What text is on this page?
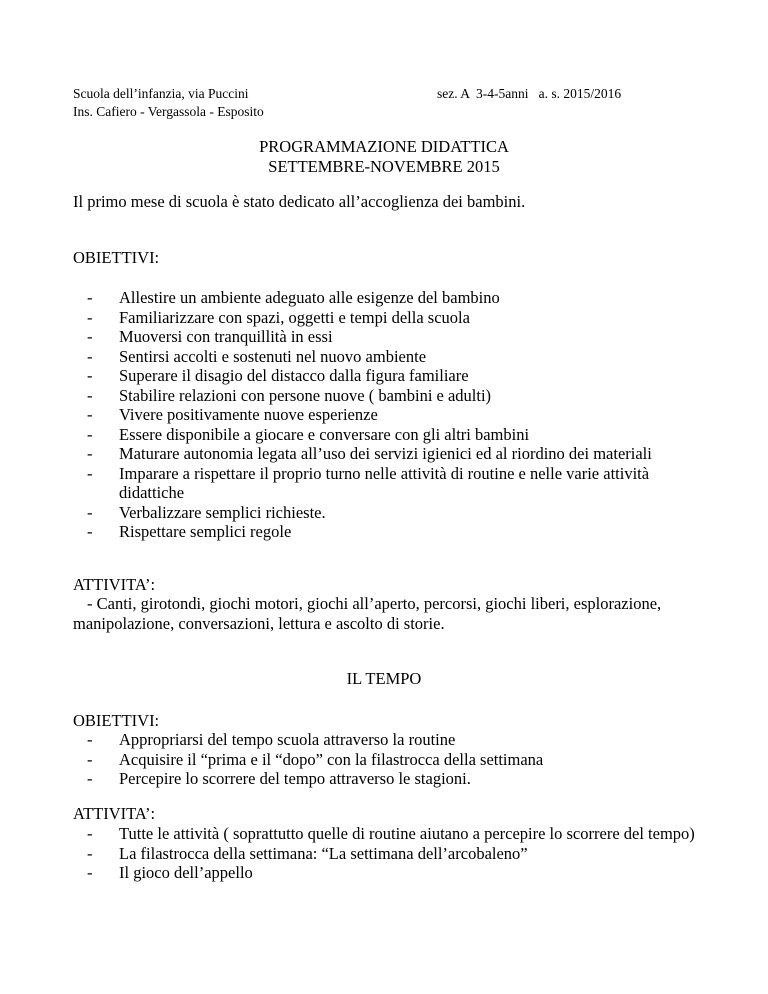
Scuola dell’infanzia, via Puccini
Ins. Cafiero - Vergassola - Esposito
sez. A  3-4-5anni   a. s. 2015/2016
PROGRAMMAZIONE DIDATTICA
SETTEMBRE-NOVEMBRE 2015
Il primo mese di scuola è stato dedicato all’accoglienza dei bambini.
OBIETTIVI:
- Allestire un ambiente adeguato alle esigenze del bambino
- Familiarizzare con spazi, oggetti e tempi della scuola
- Muoversi con tranquillità in essi
- Sentirsi accolti e sostenuti nel nuovo ambiente
- Superare il disagio del distacco dalla figura familiare
- Stabilire relazioni con persone nuove ( bambini e adulti)
- Vivere positivamente nuove esperienze
- Essere disponibile a giocare e conversare con gli altri bambini
- Maturare autonomia legata all’uso dei servizi igienici ed al riordino dei materiali
- Imparare a rispettare il proprio turno nelle attività di routine e nelle varie attività didattiche
- Verbalizzare semplici richieste.
- Rispettare semplici regole
ATTIVITA’:
- Canti, girotondi, giochi motori, giochi all’aperto, percorsi, giochi liberi, esplorazione, manipolazione, conversazioni, lettura e ascolto di storie.
IL TEMPO
OBIETTIVI:
- Appropriarsi del tempo scuola attraverso la routine
- Acquisire il “prima e il “dopo” con la filastrocca della settimana
- Percepire lo scorrere del tempo attraverso le stagioni.
ATTIVITA’:
- Tutte le attività ( soprattutto quelle di routine aiutano a percepire lo scorrere del tempo)
- La filastrocca della settimana: “La settimana dell’arcobaleno”
- Il gioco dell’appello
